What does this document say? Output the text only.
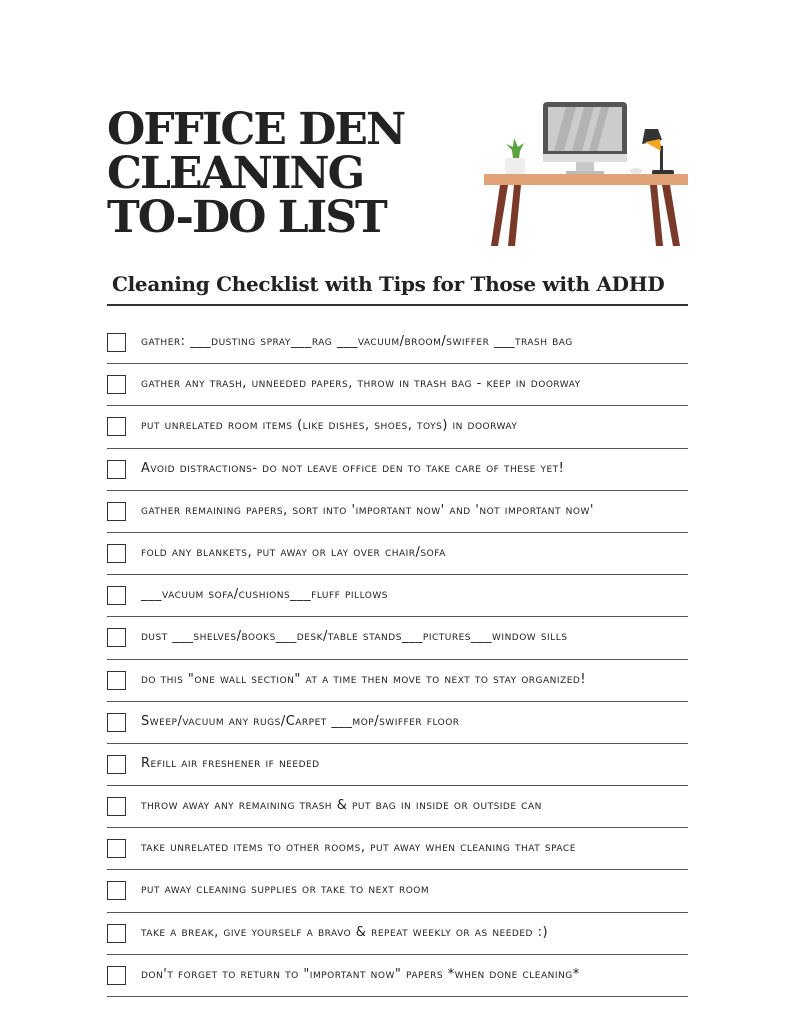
OFFICE DEN
CLEANING
TO-DO LIST
Cleaning Checklist with Tips for Those with ADHD
gather: ___dusting spray___rag ___vacuum/broom/swiffer ___trash bag
gather any trash, unneeded papers, throw in trash bag - keep in doorway
put unrelated room items (like dishes, shoes, toys) in doorway
Avoid distractions- do not leave office den to take care of these yet!
gather remaining papers, sort into 'important now' and 'not important now'
fold any blankets, put away or lay over chair/sofa
___vacuum sofa/cushions___fluff pillows
dust ___shelves/books___desk/table stands___pictures___window sills
do this "one wall section" at a time then move to next to stay organized!
Sweep/vacuum any rugs/Carpet ___mop/swiffer floor
Refill air freshener if needed
throw away any remaining trash & put bag in inside or outside can
take unrelated items to other rooms, put away when cleaning that space
put away cleaning supplies or take to next room
take a break, give yourself a bravo & repeat weekly or as needed :)
don't forget to return to "important now" papers *when done cleaning*
